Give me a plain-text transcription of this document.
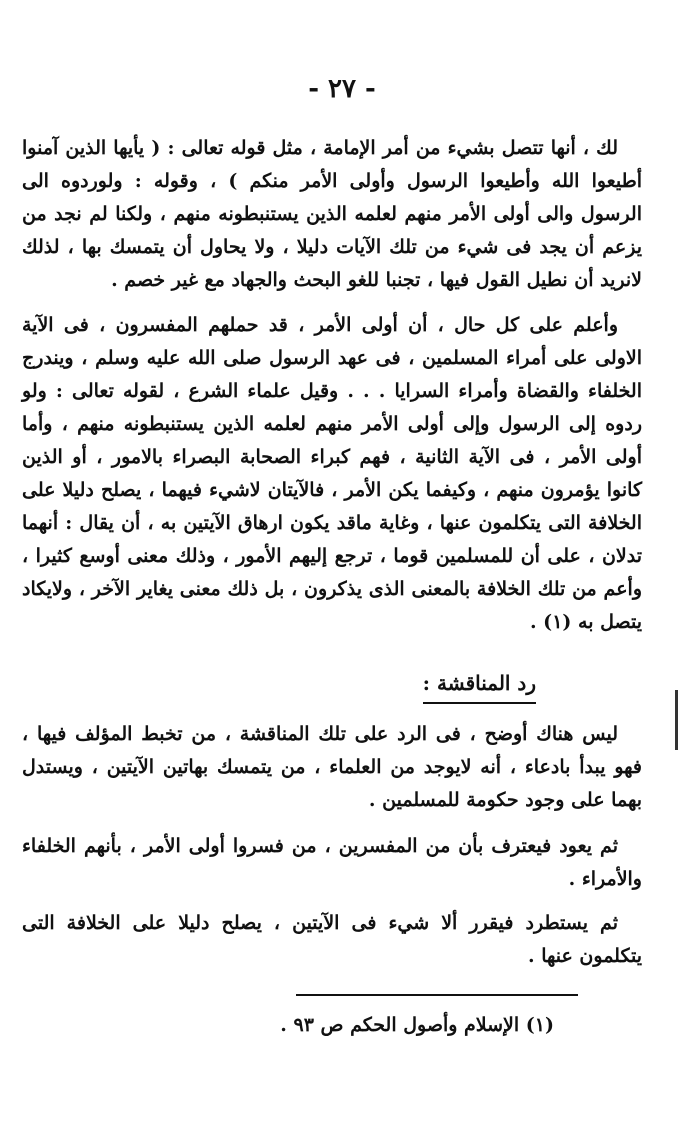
- ٢٧ -

لك ، أنها تتصل بشيء من أمر الإمامة ، مثل قوله تعالى : ( يأيها الذين آمنوا أطيعوا الله وأطيعوا الرسول وأولى الأمر منكم ) ، وقوله : ولوردوه الى الرسول والى أولى الأمر منهم لعلمه الذين يستنبطونه منهم ، ولكنا لم نجد من يزعم أن يجد فى شيء من تلك الآيات دليلا ، ولا يحاول أن يتمسك بها ، لذلك لانريد أن نطيل القول فيها ، تجنبا للغو البحث والجهاد مع غير خصم .

وأعلم على كل حال ، أن أولى الأمر ، قد حملهم المفسرون ، فى الآية الاولى على أمراء المسلمين ، فى عهد الرسول صلى الله عليه وسلم ، ويندرج الخلفاء والقضاة وأمراء السرايا . . . وقيل علماء الشرع ، لقوله تعالى : ولو ردوه إلى الرسول وإلى أولى الأمر منهم لعلمه الذين يستنبطونه منهم ، وأما أولى الأمر ، فى الآية الثانية ، فهم كبراء الصحابة البصراء بالامور ، أو الذين كانوا يؤمرون منهم ، وكيفما يكن الأمر ، فالآيتان لاشيء فيهما ، يصلح دليلا على الخلافة التى يتكلمون عنها ، وغاية ماقد يكون ارهاق الآيتين به ، أن يقال : أنهما تدلان ، على أن للمسلمين قوما ، ترجع إليهم الأمور ، وذلك معنى أوسع كثيرا ، وأعم من تلك الخلافة بالمعنى الذى يذكرون ، بل ذلك معنى يغاير الآخر ، ولايكاد يتصل به (١) .

رد المناقشة :

ليس هناك أوضح ، فى الرد على تلك المناقشة ، من تخبط المؤلف فيها ، فهو يبدأ بادعاء ، أنه لايوجد من العلماء ، من يتمسك بهاتين الآيتين ، ويستدل بهما على وجود حكومة للمسلمين .

ثم يعود فيعترف بأن من المفسرين ، من فسروا أولى الأمر ، بأنهم الخلفاء والأمراء .

ثم يستطرد فيقرر ألا شيء فى الآيتين ، يصلح دليلا على الخلافة التى يتكلمون عنها .

(١) الإسلام وأصول الحكم ص ٩٣ .
